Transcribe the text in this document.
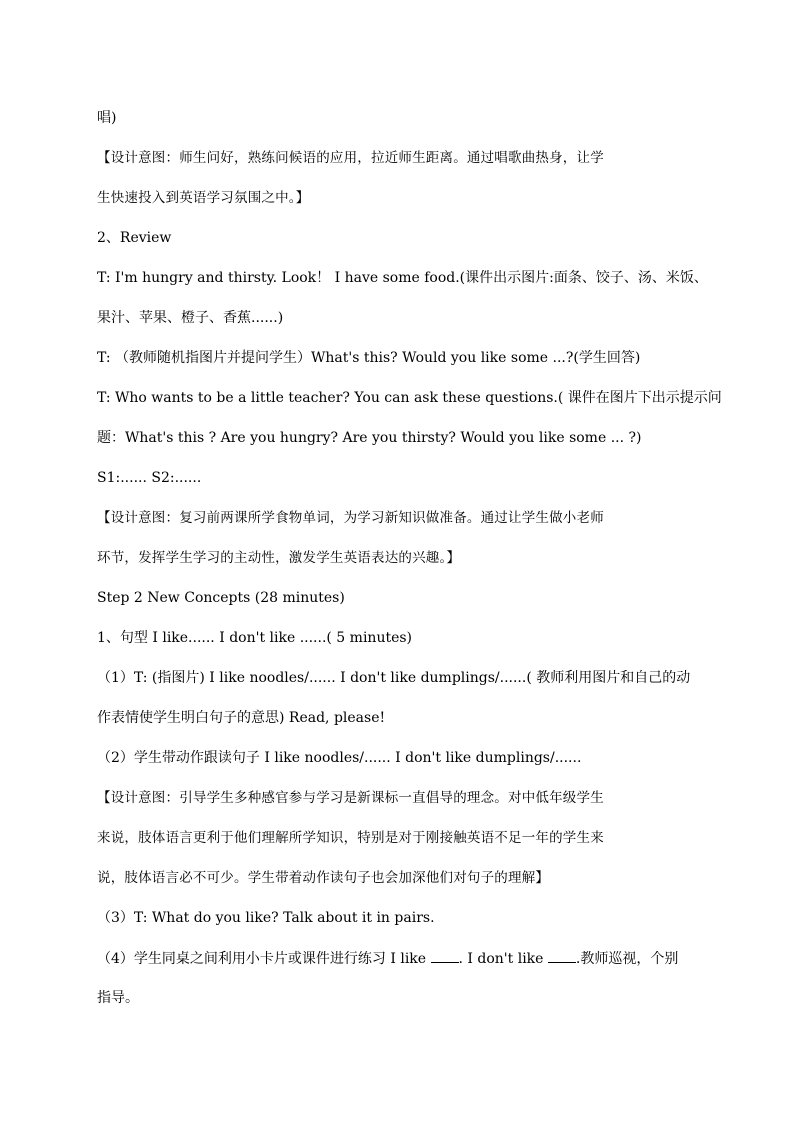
唱)
【设计意图：师生问好，熟练问候语的应用，拉近师生距离。通过唱歌曲热身，让学
生快速投入到英语学习氛围之中。】
2、Review
T: I'm hungry and thirsty. Look！ I have some food.(课件出示图片:面条、饺子、汤、米饭、
果汁、苹果、橙子、香蕉......)
T: （教师随机指图片并提问学生）What's this? Would you like some ...?(学生回答)
T: Who wants to be a little teacher? You can ask these questions.( 课件在图片下出示提示问
题：What's this ? Are you hungry? Are you thirsty? Would you like some ... ?)
S1:...... S2:......
【设计意图：复习前两课所学食物单词，为学习新知识做准备。通过让学生做小老师
环节，发挥学生学习的主动性，激发学生英语表达的兴趣。】
Step 2 New Concepts (28 minutes)
1、句型 I like...... I don't like ......( 5 minutes)
（1）T: (指图片) I like noodles/...... I don't like dumplings/......( 教师利用图片和自己的动
作表情使学生明白句子的意思) Read, please!
（2）学生带动作跟读句子 I like noodles/...... I don't like dumplings/......
【设计意图：引导学生多种感官参与学习是新课标一直倡导的理念。对中低年级学生
来说，肢体语言更利于他们理解所学知识，特别是对于刚接触英语不足一年的学生来
说，肢体语言必不可少。学生带着动作读句子也会加深他们对句子的理解】
（3）T: What do you like? Talk about it in pairs.
（4）学生同桌之间利用小卡片或课件进行练习 I like . I don't like .教师巡视，个别
指导。
